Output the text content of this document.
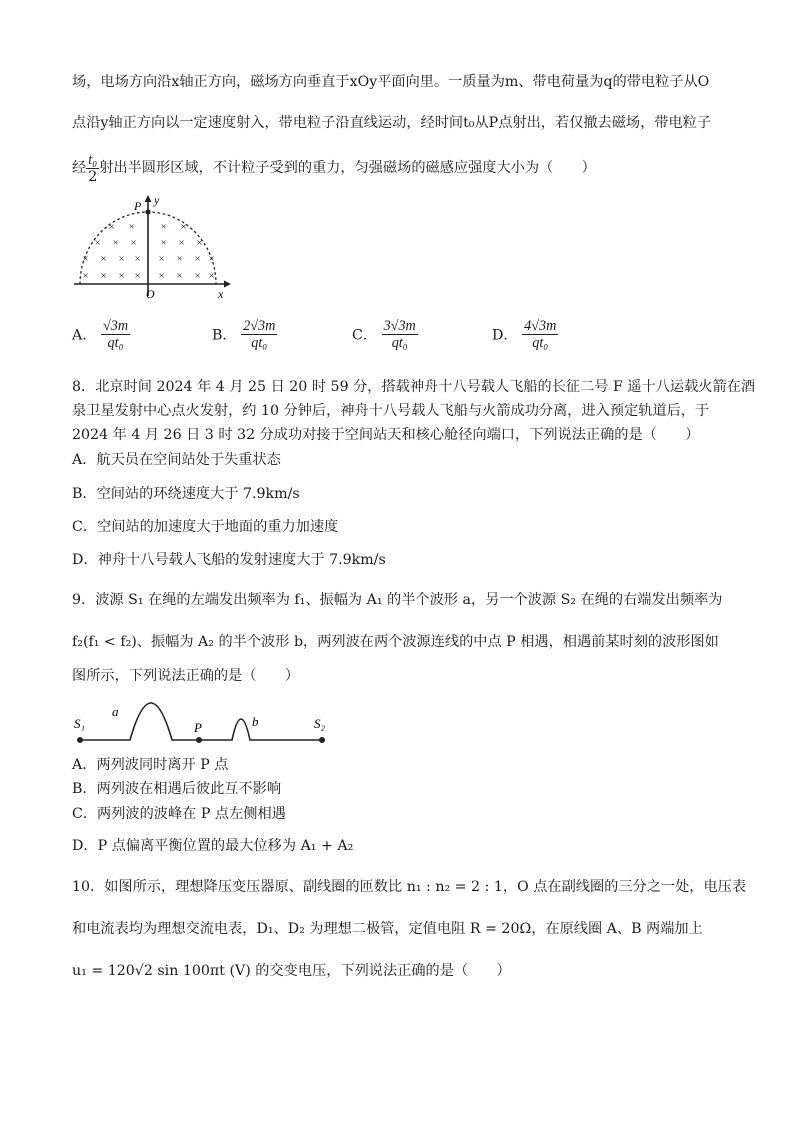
场，电场方向沿x轴正方向，磁场方向垂直于xOy平面向里。一质量为m、带电荷量为q的带电粒子从O
点沿y轴正方向以一定速度射入，带电粒子沿直线运动，经时间t₀从P点射出，若仅撤去磁场，带电粒子
经 $\frac{\text{t₀}}{2}$ 射出半圆形区域，不计粒子受到的重力，匀强磁场的磁感应强度大小为（　　）
× × × ×
× × × × × ×
× × × × × × × ×
× × × × × × × ×
P y
O	x
A． $\frac{√3m}{\text{qt₀}}$	B． $\frac{2√3m}{\text{qt₀}}$	C． $\frac{3√3m}{\text{qt₀}}$	D． $\frac{4√3m}{\text{qt₀}}$
8．北京时间 2024 年 4 月 25 日 20 时 59 分，搭载神舟十八号载人飞船的长征二号 F 遥十八运载火箭在酒
泉卫星发射中心点火发射，约 10 分钟后，神舟十八号载人飞船与火箭成功分离，进入预定轨道后，于
2024 年 4 月 26 日 3 时 32 分成功对接于空间站天和核心舱径向端口，下列说法正确的是（　　）
A．航天员在空间站处于失重状态
B．空间站的环绕速度大于 7.9km/s
C．空间站的加速度大于地面的重力加速度
D．神舟十八号载人飞船的发射速度大于 7.9km/s
9．波源 S₁ 在绳的左端发出频率为 f₁、振幅为 A₁ 的半个波形 a，另一个波源 S₂ 在绳的右端发出频率为
f₂(f₁ < f₂)、振幅为 A₂ 的半个波形 b，两列波在两个波源连线的中点 P 相遇，相遇前某时刻的波形图如
图所示，下列说法正确的是（　　）
S₁
a
P	b	S₂
A．两列波同时离开 P 点
B．两列波在相遇后彼此互不影响
C．两列波的波峰在 P 点左侧相遇
D．P 点偏离平衡位置的最大位移为 A₁ + A₂
10．如图所示，理想降压变压器原、副线圈的匝数比 n₁ : n₂ = 2 : 1，O 点在副线圈的三分之一处，电压表
和电流表均为理想交流电表，D₁、D₂ 为理想二极管，定值电阻 R = 20Ω，在原线圈 A、B 两端加上
u₁ = 120√2 sin 100πt (V) 的交变电压，下列说法正确的是（　　）
